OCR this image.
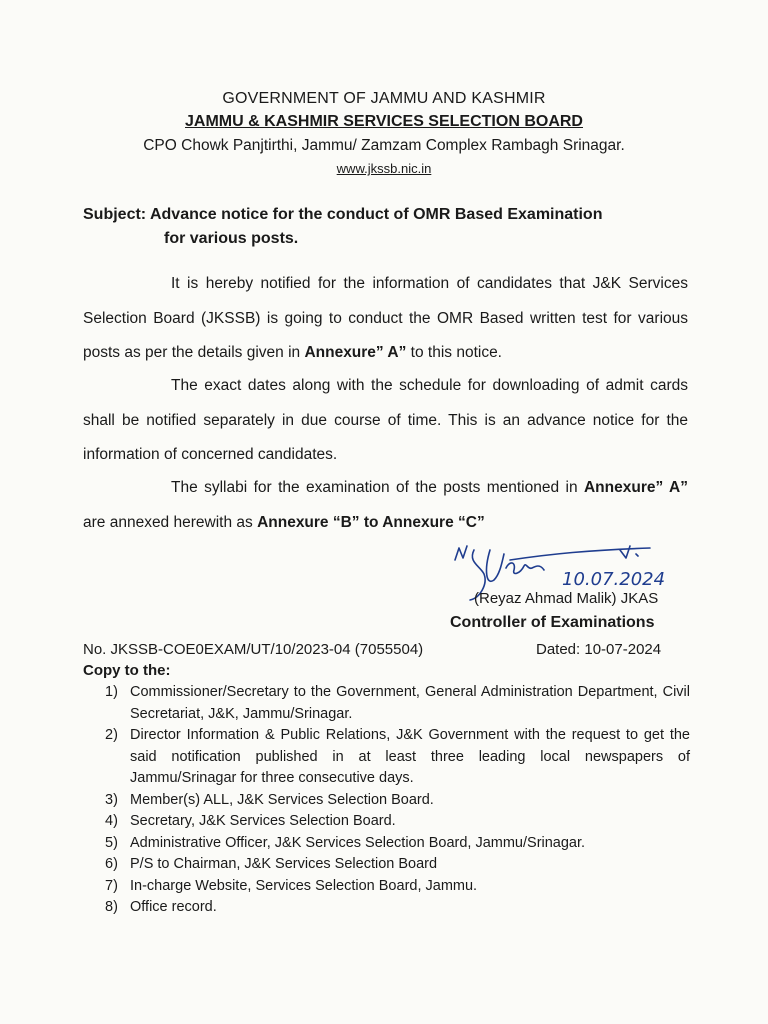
GOVERNMENT OF JAMMU AND KASHMIR
JAMMU & KASHMIR SERVICES SELECTION BOARD
CPO Chowk Panjtirthi, Jammu/ Zamzam Complex Rambagh Srinagar.
www.jkssb.nic.in
Subject: Advance notice for the conduct of OMR Based Examination
for various posts.
It is hereby notified for the information of candidates that J&K Services Selection Board (JKSSB) is going to conduct the OMR Based written test for various posts as per the details given in Annexure” A” to this notice.
The exact dates along with the schedule for downloading of admit cards shall be notified separately in due course of time. This is an advance notice for the information of concerned candidates.
The syllabi for the examination of the posts mentioned in Annexure” A” are annexed herewith as Annexure “B” to Annexure “C”
10.07.2024
(Reyaz Ahmad Malik) JKAS
Controller of Examinations
No. JKSSB-COE0EXAM/UT/10/2023-04 (7055504)	Dated: 10-07-2024
Copy to the:
1) Commissioner/Secretary to the Government, General Administration Department, Civil Secretariat, J&K, Jammu/Srinagar.
2) Director Information & Public Relations, J&K Government with the request to get the said notification published in at least three leading local newspapers of Jammu/Srinagar for three consecutive days.
3) Member(s) ALL, J&K Services Selection Board.
4) Secretary, J&K Services Selection Board.
5) Administrative Officer, J&K Services Selection Board, Jammu/Srinagar.
6) P/S to Chairman, J&K Services Selection Board
7) In-charge Website, Services Selection Board, Jammu.
8) Office record.
